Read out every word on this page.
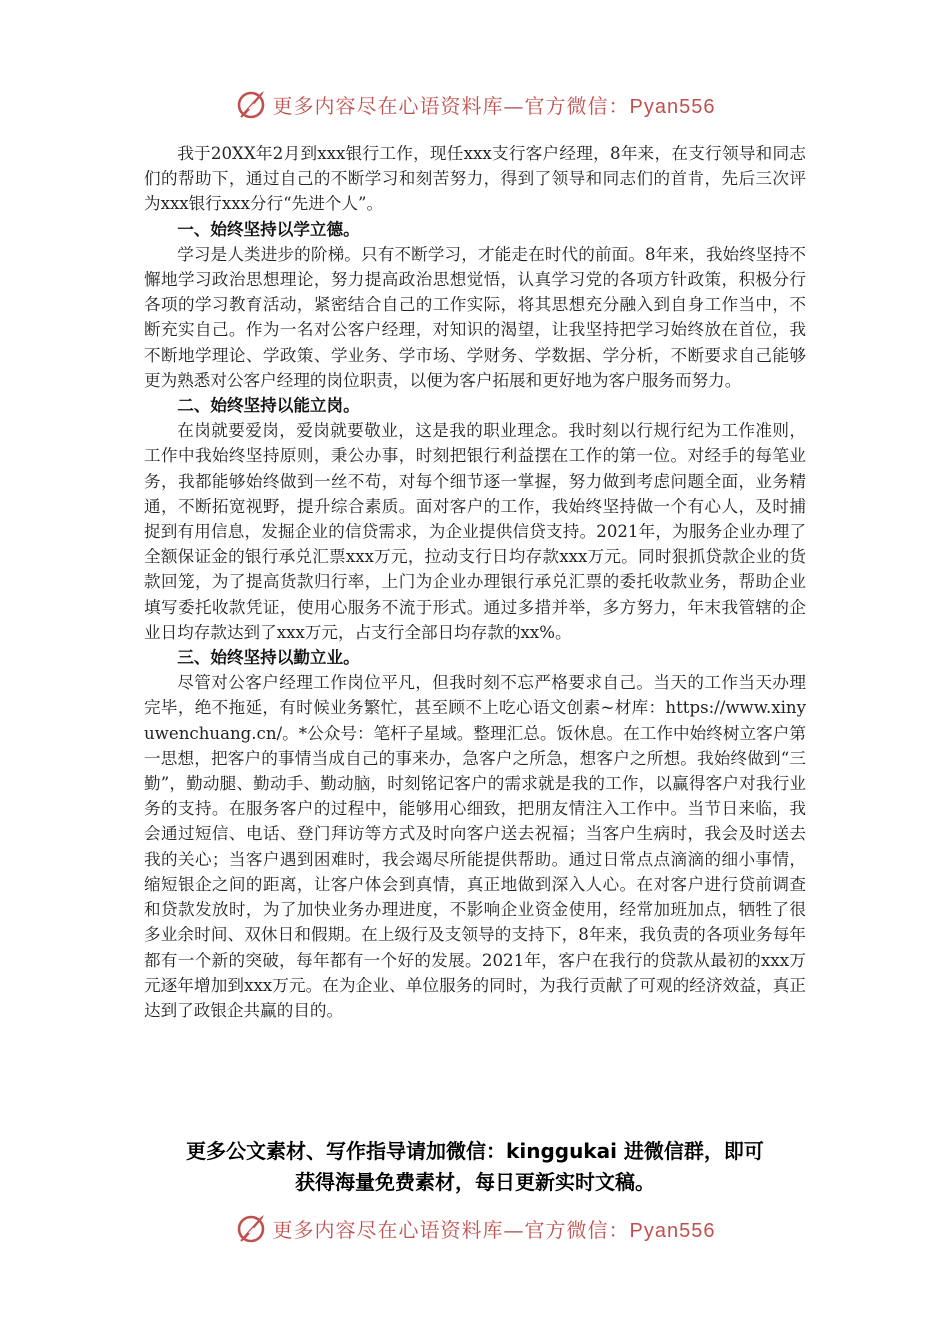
更多内容尽在心语资料库—官方微信：Pyan556

我于20XX年2月到xxx银行工作，现任xxx支行客户经理，8年来，在支行领导和同志们的帮助下，通过自己的不断学习和刻苦努力，得到了领导和同志们的首肯，先后三次评为xxx银行xxx分行“先进个人”。

一、始终坚持以学立德。

学习是人类进步的阶梯。只有不断学习，才能走在时代的前面。8年来，我始终坚持不懈地学习政治思想理论，努力提高政治思想觉悟，认真学习党的各项方针政策，积极分行各项的学习教育活动，紧密结合自己的工作实际，将其思想充分融入到自身工作当中，不断充实自己。作为一名对公客户经理，对知识的渴望，让我坚持把学习始终放在首位，我不断地学理论、学政策、学业务、学市场、学财务、学数据、学分析，不断要求自己能够更为熟悉对公客户经理的岗位职责，以便为客户拓展和更好地为客户服务而努力。

二、始终坚持以能立岗。

在岗就要爱岗，爱岗就要敬业，这是我的职业理念。我时刻以行规行纪为工作准则，工作中我始终坚持原则，秉公办事，时刻把银行利益摆在工作的第一位。对经手的每笔业务，我都能够始终做到一丝不苟，对每个细节逐一掌握，努力做到考虑问题全面，业务精通，不断拓宽视野，提升综合素质。面对客户的工作，我始终坚持做一个有心人，及时捕捉到有用信息，发掘企业的信贷需求，为企业提供信贷支持。2021年，为服务企业办理了全额保证金的银行承兑汇票xxx万元，拉动支行日均存款xxx万元。同时狠抓贷款企业的货款回笼，为了提高货款归行率，上门为企业办理银行承兑汇票的委托收款业务，帮助企业填写委托收款凭证，使用心服务不流于形式。通过多措并举，多方努力，年末我管辖的企业日均存款达到了xxx万元，占支行全部日均存款的xx%。

三、始终坚持以勤立业。

尽管对公客户经理工作岗位平凡，但我时刻不忘严格要求自己。当天的工作当天办理完毕，绝不拖延，有时候业务繁忙，甚至顾不上吃心语文创素~材库：https://www.xinyuwenchuang.cn/。*公众号：笔杆子星域。整理汇总。饭休息。在工作中始终树立客户第一思想，把客户的事情当成自己的事来办，急客户之所急，想客户之所想。我始终做到“三勤”，勤动腿、勤动手、勤动脑，时刻铭记客户的需求就是我的工作，以赢得客户对我行业务的支持。在服务客户的过程中，能够用心细致，把朋友情注入工作中。当节日来临，我会通过短信、电话、登门拜访等方式及时向客户送去祝福；当客户生病时，我会及时送去我的关心；当客户遇到困难时，我会竭尽所能提供帮助。通过日常点点滴滴的细小事情，缩短银企之间的距离，让客户体会到真情，真正地做到深入人心。在对客户进行贷前调查和贷款发放时，为了加快业务办理进度，不影响企业资金使用，经常加班加点，牺牲了很多业余时间、双休日和假期。在上级行及支领导的支持下，8年来，我负责的各项业务每年都有一个新的突破，每年都有一个好的发展。2021年，客户在我行的贷款从最初的xxx万元逐年增加到xxx万元。在为企业、单位服务的同时，为我行贡献了可观的经济效益，真正达到了政银企共赢的目的。

更多公文素材、写作指导请加微信：kinggukai 进微信群，即可
获得海量免费素材，每日更新实时文稿。
更多内容尽在心语资料库—官方微信：Pyan556
